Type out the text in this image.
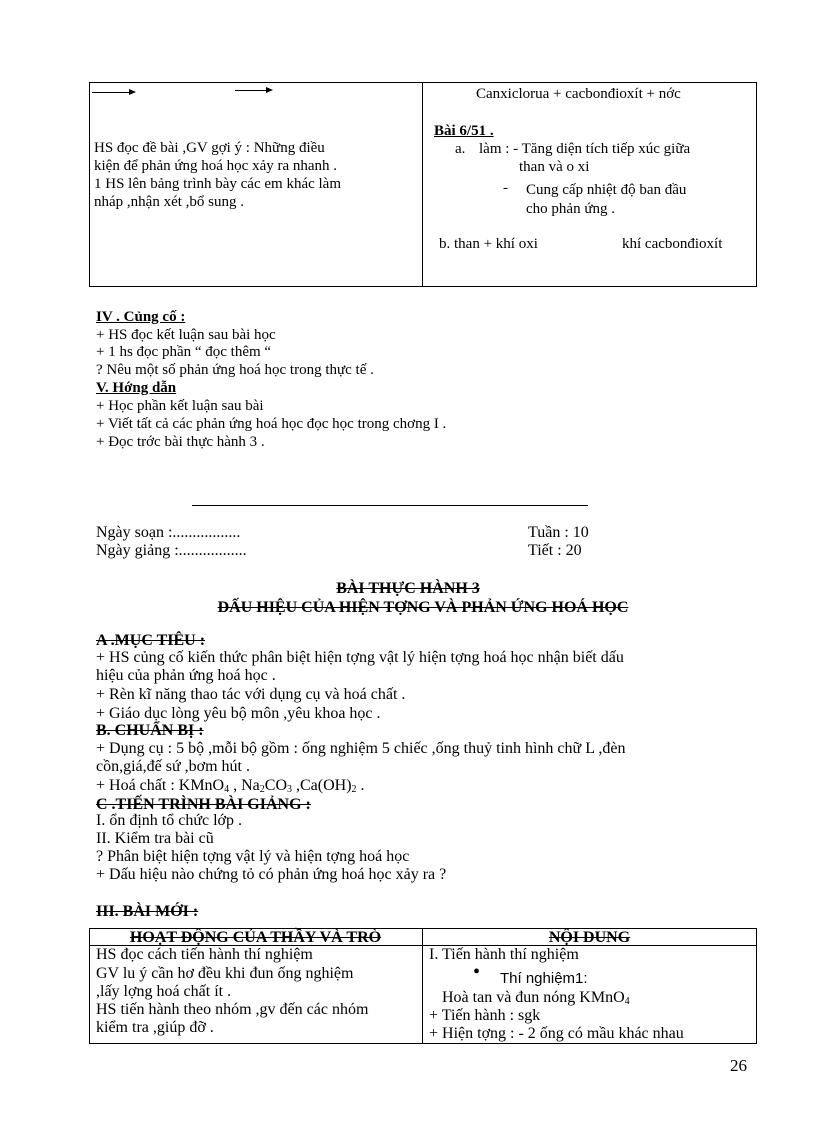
HS đọc đề bài ,GV gợi ý : Những điều
kiện để phản ứng hoá học xảy ra nhanh .
1 HS lên bảng trình bày các em khác làm
nháp ,nhận xét ,bổ sung .
Canxiclorua + cacbonđioxít + nớc
Bài 6/51 .
a. làm : - Tăng diện tích tiếp xúc giữa
than và o xi
- Cung cấp nhiệt độ ban đầu
cho phản ứng .
b. than + khí oxi	khí cacbonđioxít
IV . Củng cố :
+ HS đọc kết luận sau bài học
+ 1 hs đọc phần “ đọc thêm “
? Nêu một số phản ứng hoá học trong thực tế .
V. Hớng dẫn
+ Học phần kết luận sau bài
+ Viết tất cả các phản ứng hoá học đọc học trong chơng I .
+ Đọc trớc bài thực hành 3 .
Ngày soạn :.................
Ngày giảng :.................
Tuần : 10
Tiết : 20
BÀI THỰC HÀNH 3
DẤU HIỆU CỦA HIỆN TỢNG VÀ PHẢN ỨNG HOÁ HỌC
A .MỤC TIÊU :
+ HS củng cố kiến thức phân biệt hiện tợng vật lý hiện tợng hoá học nhận biết dấu
hiệu của phản ứng hoá học .
+ Rèn kĩ năng thao tác với dụng cụ và hoá chất .
+ Giáo dục lòng yêu bộ môn ,yêu khoa học .
B. CHUẨN BỊ :
+ Dụng cụ : 5 bộ ,mỗi bộ gồm : ống nghiệm 5 chiếc ,ống thuỷ tinh hình chữ L ,đèn
cồn,giá,đế sứ ,bơm hút .
+ Hoá chất : KMnO$_4$ , $Na_2CO_3$ $,Ca(OH)_2$ .
C .TIẾN TRÌNH BÀI GIẢNG :
I. ổn định tổ chức lớp .
II. Kiểm tra bài cũ
? Phân biệt hiện tợng vật lý và hiện tợng hoá học
+ Dấu hiệu nào chứng tỏ có phản ứng hoá học xảy ra ?
III. BÀI MỚI :
HOẠT ĐỘNG CỦA THẦY VÀ TRÒ	NỘI DUNG
HS đọc cách tiến hành thí nghiệm
GV lu ý cần hơ đều khi đun ống nghiệm
,lấy lợng hoá chất ít .
HS tiến hành theo nhóm ,gv đến các nhóm
kiểm tra ,giúp đỡ .
I. Tiến hành thí nghiệm
• Thí nghiệm1:
Hoà tan và đun nóng KMnO$_4$
+ Tiến hành : sgk
+ Hiện tợng : - 2 ống có mầu khác nhau
26
